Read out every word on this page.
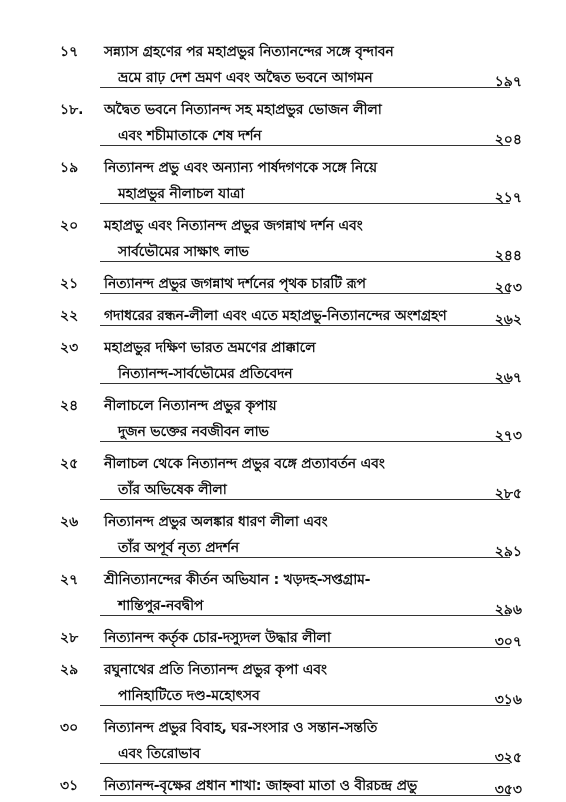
১৭	সন্ন্যাস গ্রহণের পর মহাপ্রভুর নিত্যানন্দের সঙ্গে বৃন্দাবন
ভ্রমে রাঢ় দেশ ভ্রমণ এবং অদ্বৈত ভবনে আগমন	১৯৭
১৮.	অদ্বৈত ভবনে নিত্যানন্দ সহ মহাপ্রভুর ভোজন লীলা
এবং শচীমাতাকে শেষ দর্শন	২০৪
১৯	নিত্যানন্দ প্রভু এবং অন্যান্য পার্ষদগণকে সঙ্গে নিয়ে
মহাপ্রভুর নীলাচল যাত্রা	২১৭
২০	মহাপ্রভু এবং নিত্যানন্দ প্রভুর জগন্নাথ দর্শন এবং
সার্বভৌমের সাক্ষাৎ লাভ	২৪৪
২১	নিত্যানন্দ প্রভুর জগন্নাথ দর্শনের পৃথক চারটি রূপ	২৫৩
২২	গদাধরের রন্ধন-লীলা এবং এতে মহাপ্রভু-নিত্যানন্দের অংশগ্রহণ	২৬২
২৩	মহাপ্রভুর দক্ষিণ ভারত ভ্রমণের প্রাক্কালে
নিত্যানন্দ-সার্বভৌমের প্রতিবেদন	২৬৭
২৪	নীলাচলে নিত্যানন্দ প্রভুর কৃপায়
দুজন ভক্তের নবজীবন লাভ	২৭৩
২৫	নীলাচল থেকে নিত্যানন্দ প্রভুর বঙ্গে প্রত্যাবর্তন এবং
তাঁর অভিষেক লীলা	২৮৫
২৬	নিত্যানন্দ প্রভুর অলঙ্কার ধারণ লীলা এবং
তাঁর অপূর্ব নৃত্য প্রদর্শন	২৯১
২৭	শ্রীনিত্যানন্দের কীর্তন অভিযান : খড়দহ-সপ্তগ্রাম-
শান্তিপুর-নবদ্বীপ	২৯৬
২৮	নিত্যানন্দ কর্তৃক চোর-দস্যুদল উদ্ধার লীলা	৩০৭
২৯	রঘুনাথের প্রতি নিত্যানন্দ প্রভুর কৃপা এবং
পানিহাটিতে দণ্ড-মহোৎসব	৩১৬
৩০	নিত্যানন্দ প্রভুর বিবাহ, ঘর-সংসার ও সন্তান-সন্ততি
এবং তিরোভাব	৩২৫
৩১	নিত্যানন্দ-বৃক্ষের প্রধান শাখা: জাহ্নবা মাতা ও বীরচন্দ্র প্রভু	৩৫৩
